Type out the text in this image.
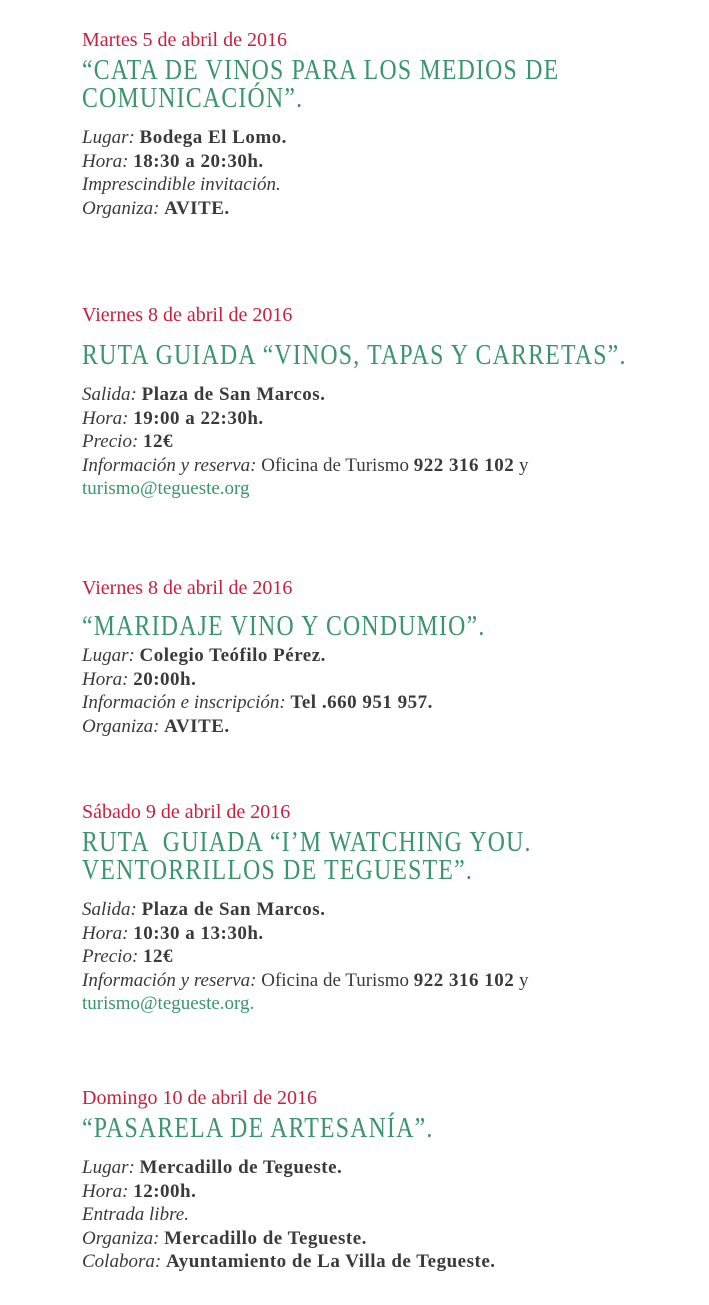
Martes 5 de abril de 2016

“CATA DE VINOS PARA LOS MEDIOS DE
COMUNICACIÓN”.

Lugar: Bodega El Lomo.

Hora: 18:30 a 20:30h.

Imprescindible invitación.

Organiza: AVITE.

Viernes 8 de abril de 2016

RUTA GUIADA “VINOS, TAPAS Y CARRETAS”.

Salida: Plaza de San Marcos.

Hora: 19:00 a 22:30h.

Precio: 12€

Información y reserva: Oficina de Turismo 922 316 102 y

turismo@tegueste.org

Viernes 8 de abril de 2016

“MARIDAJE VINO Y CONDUMIO”.

Lugar: Colegio Teófilo Pérez.

Hora: 20:00h.

Información e inscripción: Tel .660 951 957.

Organiza: AVITE.

Sábado 9 de abril de 2016

RUTA  GUIADA “I’M WATCHING YOU.
VENTORRILLOS DE TEGUESTE”.

Salida: Plaza de San Marcos.

Hora: 10:30 a 13:30h.

Precio: 12€

Información y reserva: Oficina de Turismo 922 316 102 y

turismo@tegueste.org.

Domingo 10 de abril de 2016

“PASARELA DE ARTESANÍA”.

Lugar: Mercadillo de Tegueste.

Hora: 12:00h.

Entrada libre.

Organiza: Mercadillo de Tegueste.

Colabora: Ayuntamiento de La Villa de Tegueste.
